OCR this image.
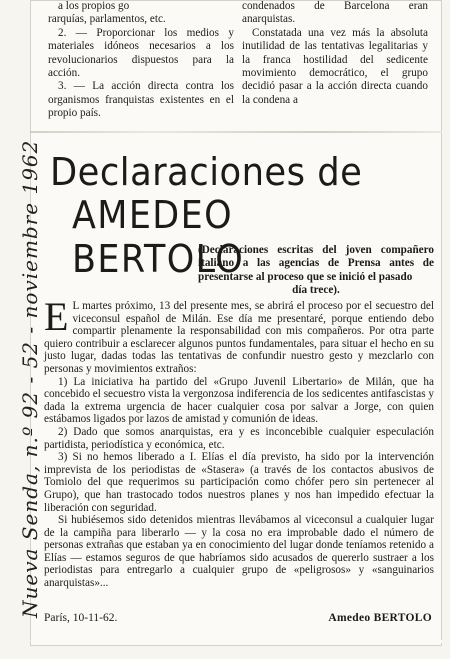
Nueva Senda, n.º 92 - 52 - noviembre 1962

a los propios go

rarquías, parlamentos, etc.

2. — Proporcionar los medios y materiales idóneos necesarios a los revolucionarios dispuestos para la acción.

3. — La acción directa contra los organismos franquistas existentes en el propio país.

condenados de Barcelona eran anarquistas.

Constatada una vez más la absoluta inutilidad de las tentativas legalitarias y la franca hostilidad del sedicente movimiento democrático, el grupo decidió pasar a la acción directa cuando la condena a

Declaraciones de
AMEDEO BERTOLO
(Declaraciones escritas del joven compañero italiano a las agencias de Prensa antes de presentarse al proceso que se inició el pasado
día trece).

E L martes próximo, 13 del presente mes, se abrirá el proceso por el secuestro del viceconsul español de Milán. Ese día me presentaré, porque entiendo debo compartir plenamente la responsabilidad con mis compañeros. Por otra parte quiero contribuir a esclarecer algunos puntos fundamentales, para situar el hecho en su justo lugar, dadas todas las tentativas de confundir nuestro gesto y mezclarlo con personas y movimientos extraños:

1) La iniciativa ha partido del «Grupo Juvenil Libertario» de Milán, que ha concebido el secuestro vista la vergonzosa indiferencia de los sedicentes antifascistas y dada la extrema urgencia de hacer cualquier cosa por salvar a Jorge, con quien estábamos ligados por lazos de amistad y comunión de ideas.

2) Dado que somos anarquistas, era y es inconcebible cualquier especulación partidista, periodística y económica, etc.

3) Si no hemos liberado a I. Elías el día previsto, ha sido por la intervención imprevista de los periodistas de «Stasera» (a través de los contactos abusivos de Tomiolo del que requerimos su participación como chófer pero sin pertenecer al Grupo), que han trastocado todos nuestros planes y nos han impedido efectuar la liberación con seguridad.

Si hubiésemos sido detenidos mientras llevábamos al viceconsul a cualquier lugar de la campiña para liberarlo — y la cosa no era improbable dado el número de personas extrañas que estaban ya en conocimiento del lugar donde teníamos retenido a Elías — estamos seguros de que habríamos sido acusados de quererlo sustraer a los periodistas para entregarlo a cualquier grupo de «peligrosos» y «sanguinarios anarquistas»...

París, 10-11-62.	Amedeo BERTOLO
